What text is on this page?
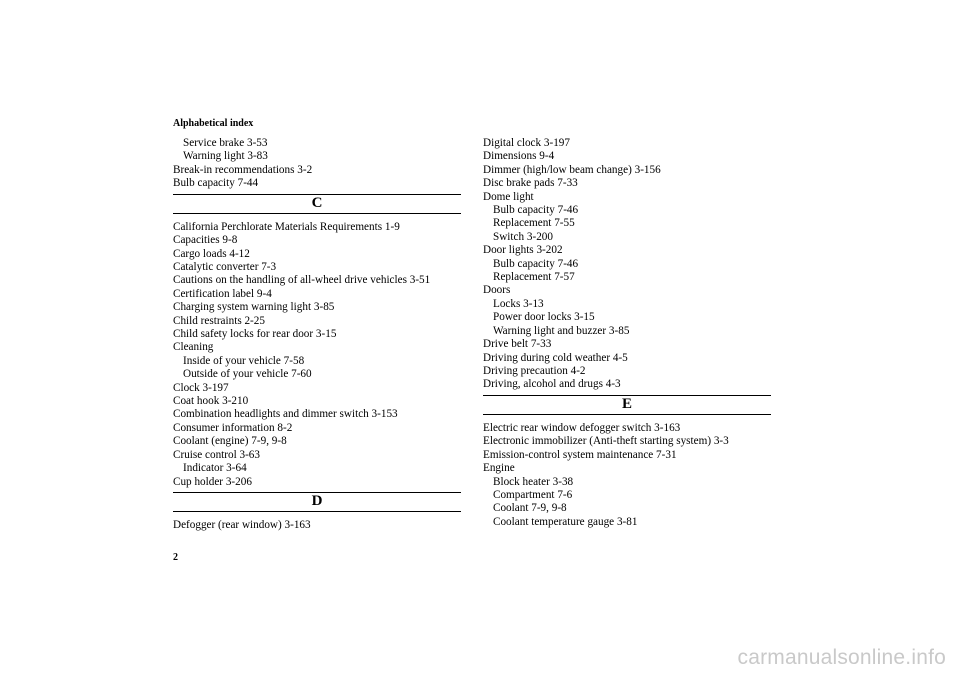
Alphabetical index
Service brake 3-53
Warning light 3-83
Break-in recommendations 3-2
Bulb capacity 7-44
C
California Perchlorate Materials Requirements 1-9
Capacities 9-8
Cargo loads 4-12
Catalytic converter 7-3
Cautions on the handling of all-wheel drive vehicles 3-51
Certification label 9-4
Charging system warning light 3-85
Child restraints 2-25
Child safety locks for rear door 3-15
Cleaning
Inside of your vehicle 7-58
Outside of your vehicle 7-60
Clock 3-197
Coat hook 3-210
Combination headlights and dimmer switch 3-153
Consumer information 8-2
Coolant (engine) 7-9, 9-8
Cruise control 3-63
Indicator 3-64
Cup holder 3-206
D
Defogger (rear window) 3-163
Digital clock 3-197
Dimensions 9-4
Dimmer (high/low beam change) 3-156
Disc brake pads 7-33
Dome light
Bulb capacity 7-46
Replacement 7-55
Switch 3-200
Door lights 3-202
Bulb capacity 7-46
Replacement 7-57
Doors
Locks 3-13
Power door locks 3-15
Warning light and buzzer 3-85
Drive belt 7-33
Driving during cold weather 4-5
Driving precaution 4-2
Driving, alcohol and drugs 4-3
E
Electric rear window defogger switch 3-163
Electronic immobilizer (Anti-theft starting system) 3-3
Emission-control system maintenance 7-31
Engine
Block heater 3-38
Compartment 7-6
Coolant 7-9, 9-8
Coolant temperature gauge 3-81
2
carmanualsonline.info
